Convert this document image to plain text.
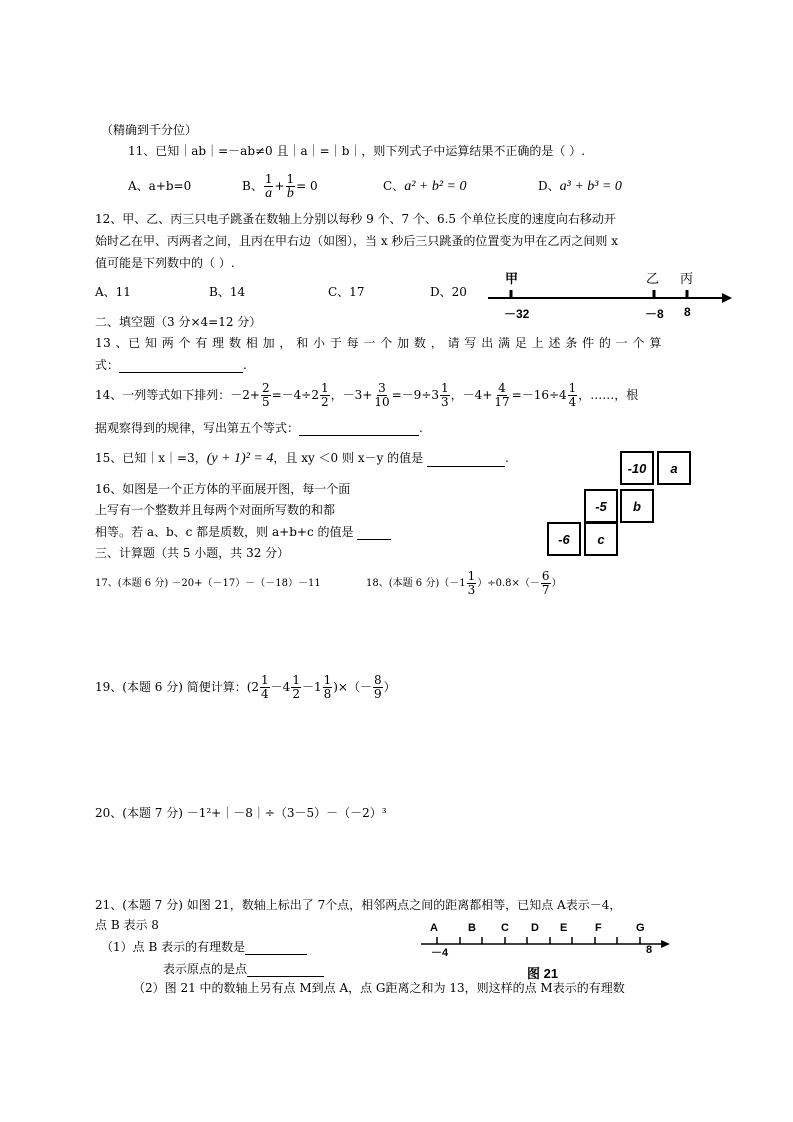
（精确到千分位）
11、已知｜ab｜=－ab≠0 且｜a｜=｜b｜，则下列式子中运算结果不正确的是（ ）.
A、a+b=0	B、 $\frac{1}{a} + \frac{1}{b} = 0$	C、a² + b² = 0	D、a³ + b³ = 0
12、甲、乙、丙三只电子跳蚤在数轴上分别以每秒 9 个、7 个、6.5 个单位长度的速度向右移动开
始时乙在甲、丙两者之间，且丙在甲右边（如图），当 x 秒后三只跳蚤的位置变为甲在乙丙之间则 x
值可能是下列数中的（ ）.
A、11	B、14	C、17	D、20
甲	乙 丙
－32	－8 8
二、填空题（3 分×4=12 分）
13 、已 知 两 个 有 理 数 相 加 ， 和 小 于 每 一 个 加 数 ， 请 写 出 满 足 上 述 条 件 的 一 个 算
式：	.
14、一列等式如下排列：$-2+ \frac{2}{5} =-4\div 2 \frac{1}{2}$ ，$-3+ \frac{3}{10} =-9\div 3 \frac{1}{3}$ ，$-4+ \frac{4}{17} =-16\div 4 \frac{1}{4}$ ，……，根
据观察得到的规律，写出第五个等式：	.
15、已知｜x｜=3，(y + 1)² = 4，且 xy ＜0 则 x－y 的值是	.
-10	a
-5	b
-6	c
16、如图是一个正方体的平面展开图，每一个面
上写有一个整数并且每两个对面所写数的和都
相等。若 a、b、c 都是质数，则 a+b+c 的值是
三、计算题（共 5 小题，共 32 分）
17、(本题 6 分) －20+（－17）－（－18）－11	18、(本题 6 分)$(-1 \frac{1}{3} )\div 0.8\times(- \frac{6}{7}$ ）
19、(本题 6 分) 简便计算：($2 \frac{1}{4} -4 \frac{1}{2} -1 \frac{1}{8}$ )×（－ $\frac{8}{9}$ ）
20、(本题 7 分) －1²+｜－8｜÷（3－5）－（－2）³
21、(本题 7 分) 如图 21，数轴上标出了 7个点，相邻两点之间的距离都相等，已知点 A表示－4，
点 B 表示 8
（1）点 B 表示的有理数是
表示原点的是点
（2）图 21 中的数轴上另有点 M到点 A，点 G距离之和为 13，则这样的点 M表示的有理数
A	B C D E	F	G
－4	8
图 21
